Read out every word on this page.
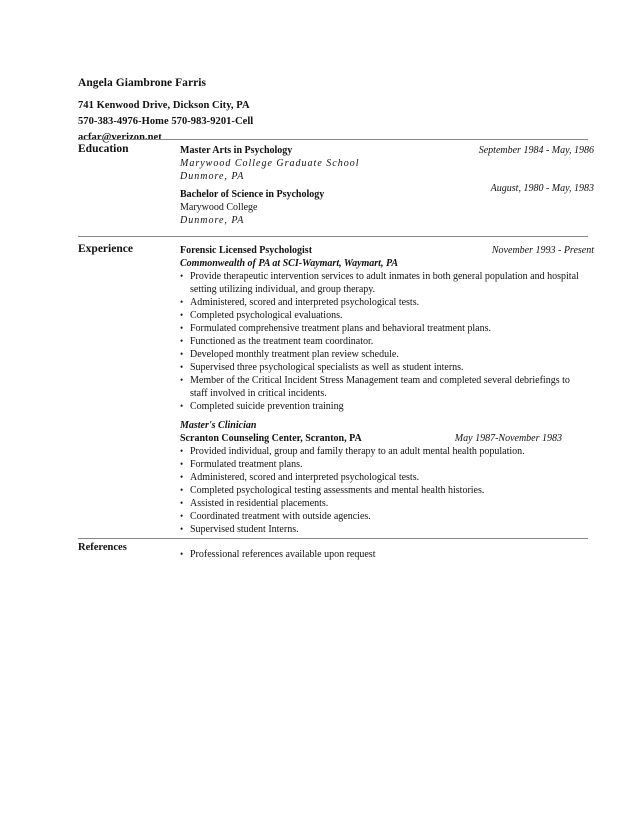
Angela Giambrone Farris
741 Kenwood Drive, Dickson City, PA
570-383-4976-Home 570-983-9201-Cell
acfar@verizon.net
Education	Master Arts in Psychology
Marywood College Graduate School
Dunmore, PA
September 1984 - May, 1986
Bachelor of Science in Psychology
Marywood College
Dunmore, PA
August, 1980 - May, 1983
Experience	Forensic Licensed Psychologist
Commonwealth of PA at SCI-Waymart, Waymart, PA
November 1993 - Present
• Provide therapeutic intervention services to adult inmates in both general population and hospital setting utilizing individual, and group therapy.
• Administered, scored and interpreted psychological tests.
• Completed psychological evaluations.
• Formulated comprehensive treatment plans and behavioral treatment plans.
• Functioned as the treatment team coordinator.
• Developed monthly treatment plan review schedule.
• Supervised three psychological specialists as well as student interns.
• Member of the Critical Incident Stress Management team and completed several debriefings to staff involved in critical incidents.
• Completed suicide prevention training
Master's Clinician
Scranton Counseling Center, Scranton, PA	May 1987-November 1983
• Provided individual, group and family therapy to an adult mental health population.
• Formulated treatment plans.
• Administered, scored and interpreted psychological tests.
• Completed psychological testing assessments and mental health histories.
• Assisted in residential placements.
• Coordinated treatment with outside agencies.
• Supervised student Interns.
References
• Professional references available upon request
